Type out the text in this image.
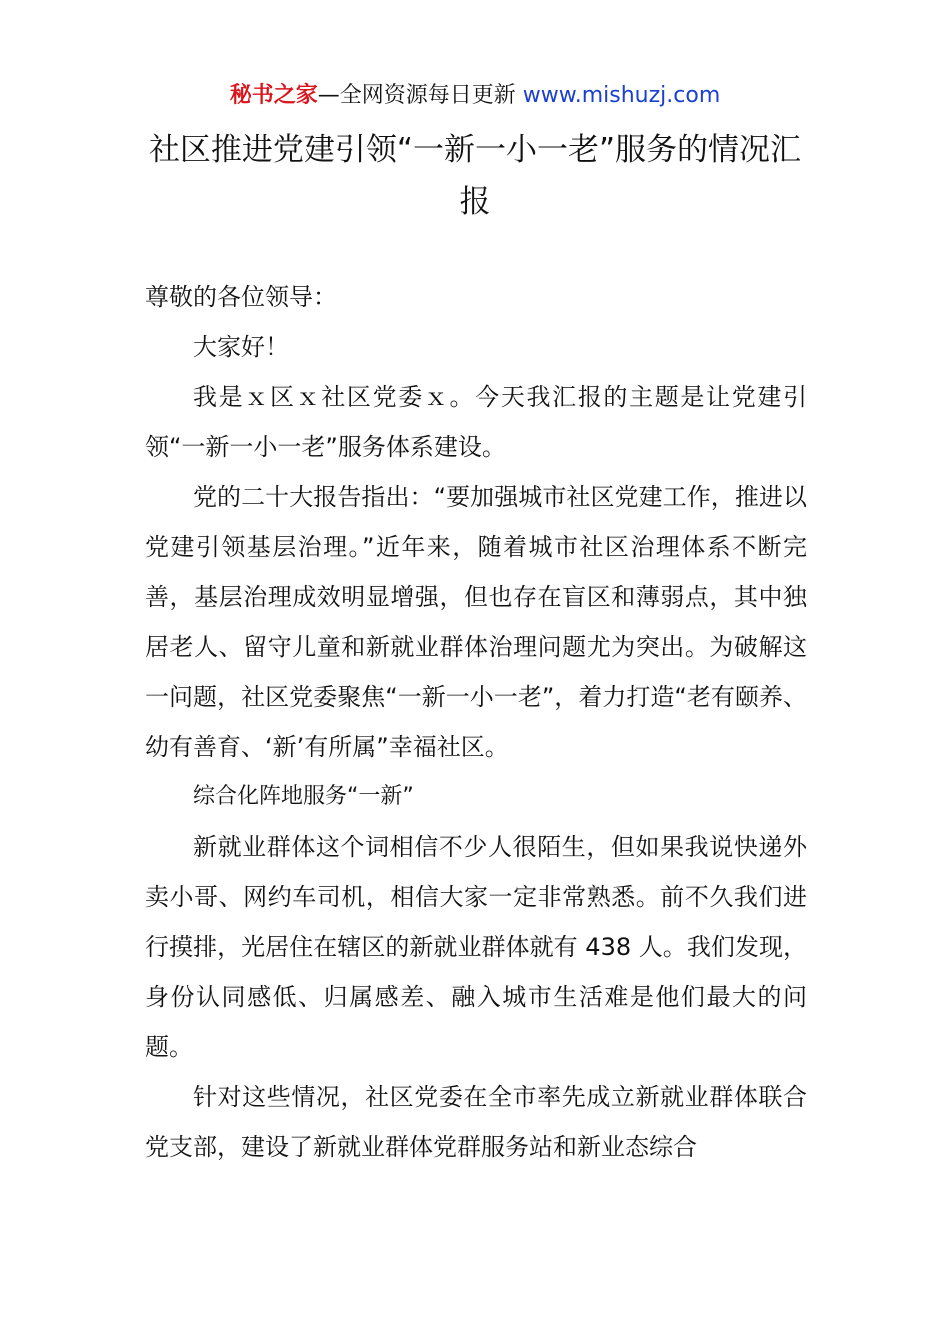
秘书之家—全网资源每日更新 www.mishuzj.com
社区推进党建引领“一新一小一老”服务的情况汇报

尊敬的各位领导：

大家好！

我是ｘ区ｘ社区党委ｘ。今天我汇报的主题是让党建引领“一新一小一老”服务体系建设。

党的二十大报告指出：“要加强城市社区党建工作，推进以党建引领基层治理。”近年来，随着城市社区治理体系不断完善，基层治理成效明显增强，但也存在盲区和薄弱点，其中独居老人、留守儿童和新就业群体治理问题尤为突出。为破解这一问题，社区党委聚焦“一新一小一老”，着力打造“老有颐养、幼有善育、‘新’有所属”幸福社区。

综合化阵地服务“一新”

新就业群体这个词相信不少人很陌生，但如果我说快递外卖小哥、网约车司机，相信大家一定非常熟悉。前不久我们进行摸排，光居住在辖区的新就业群体就有 438 人。我们发现，身份认同感低、归属感差、融入城市生活难是他们最大的问题。

针对这些情况，社区党委在全市率先成立新就业群体联合党支部，建设了新就业群体党群服务站和新业态综合
